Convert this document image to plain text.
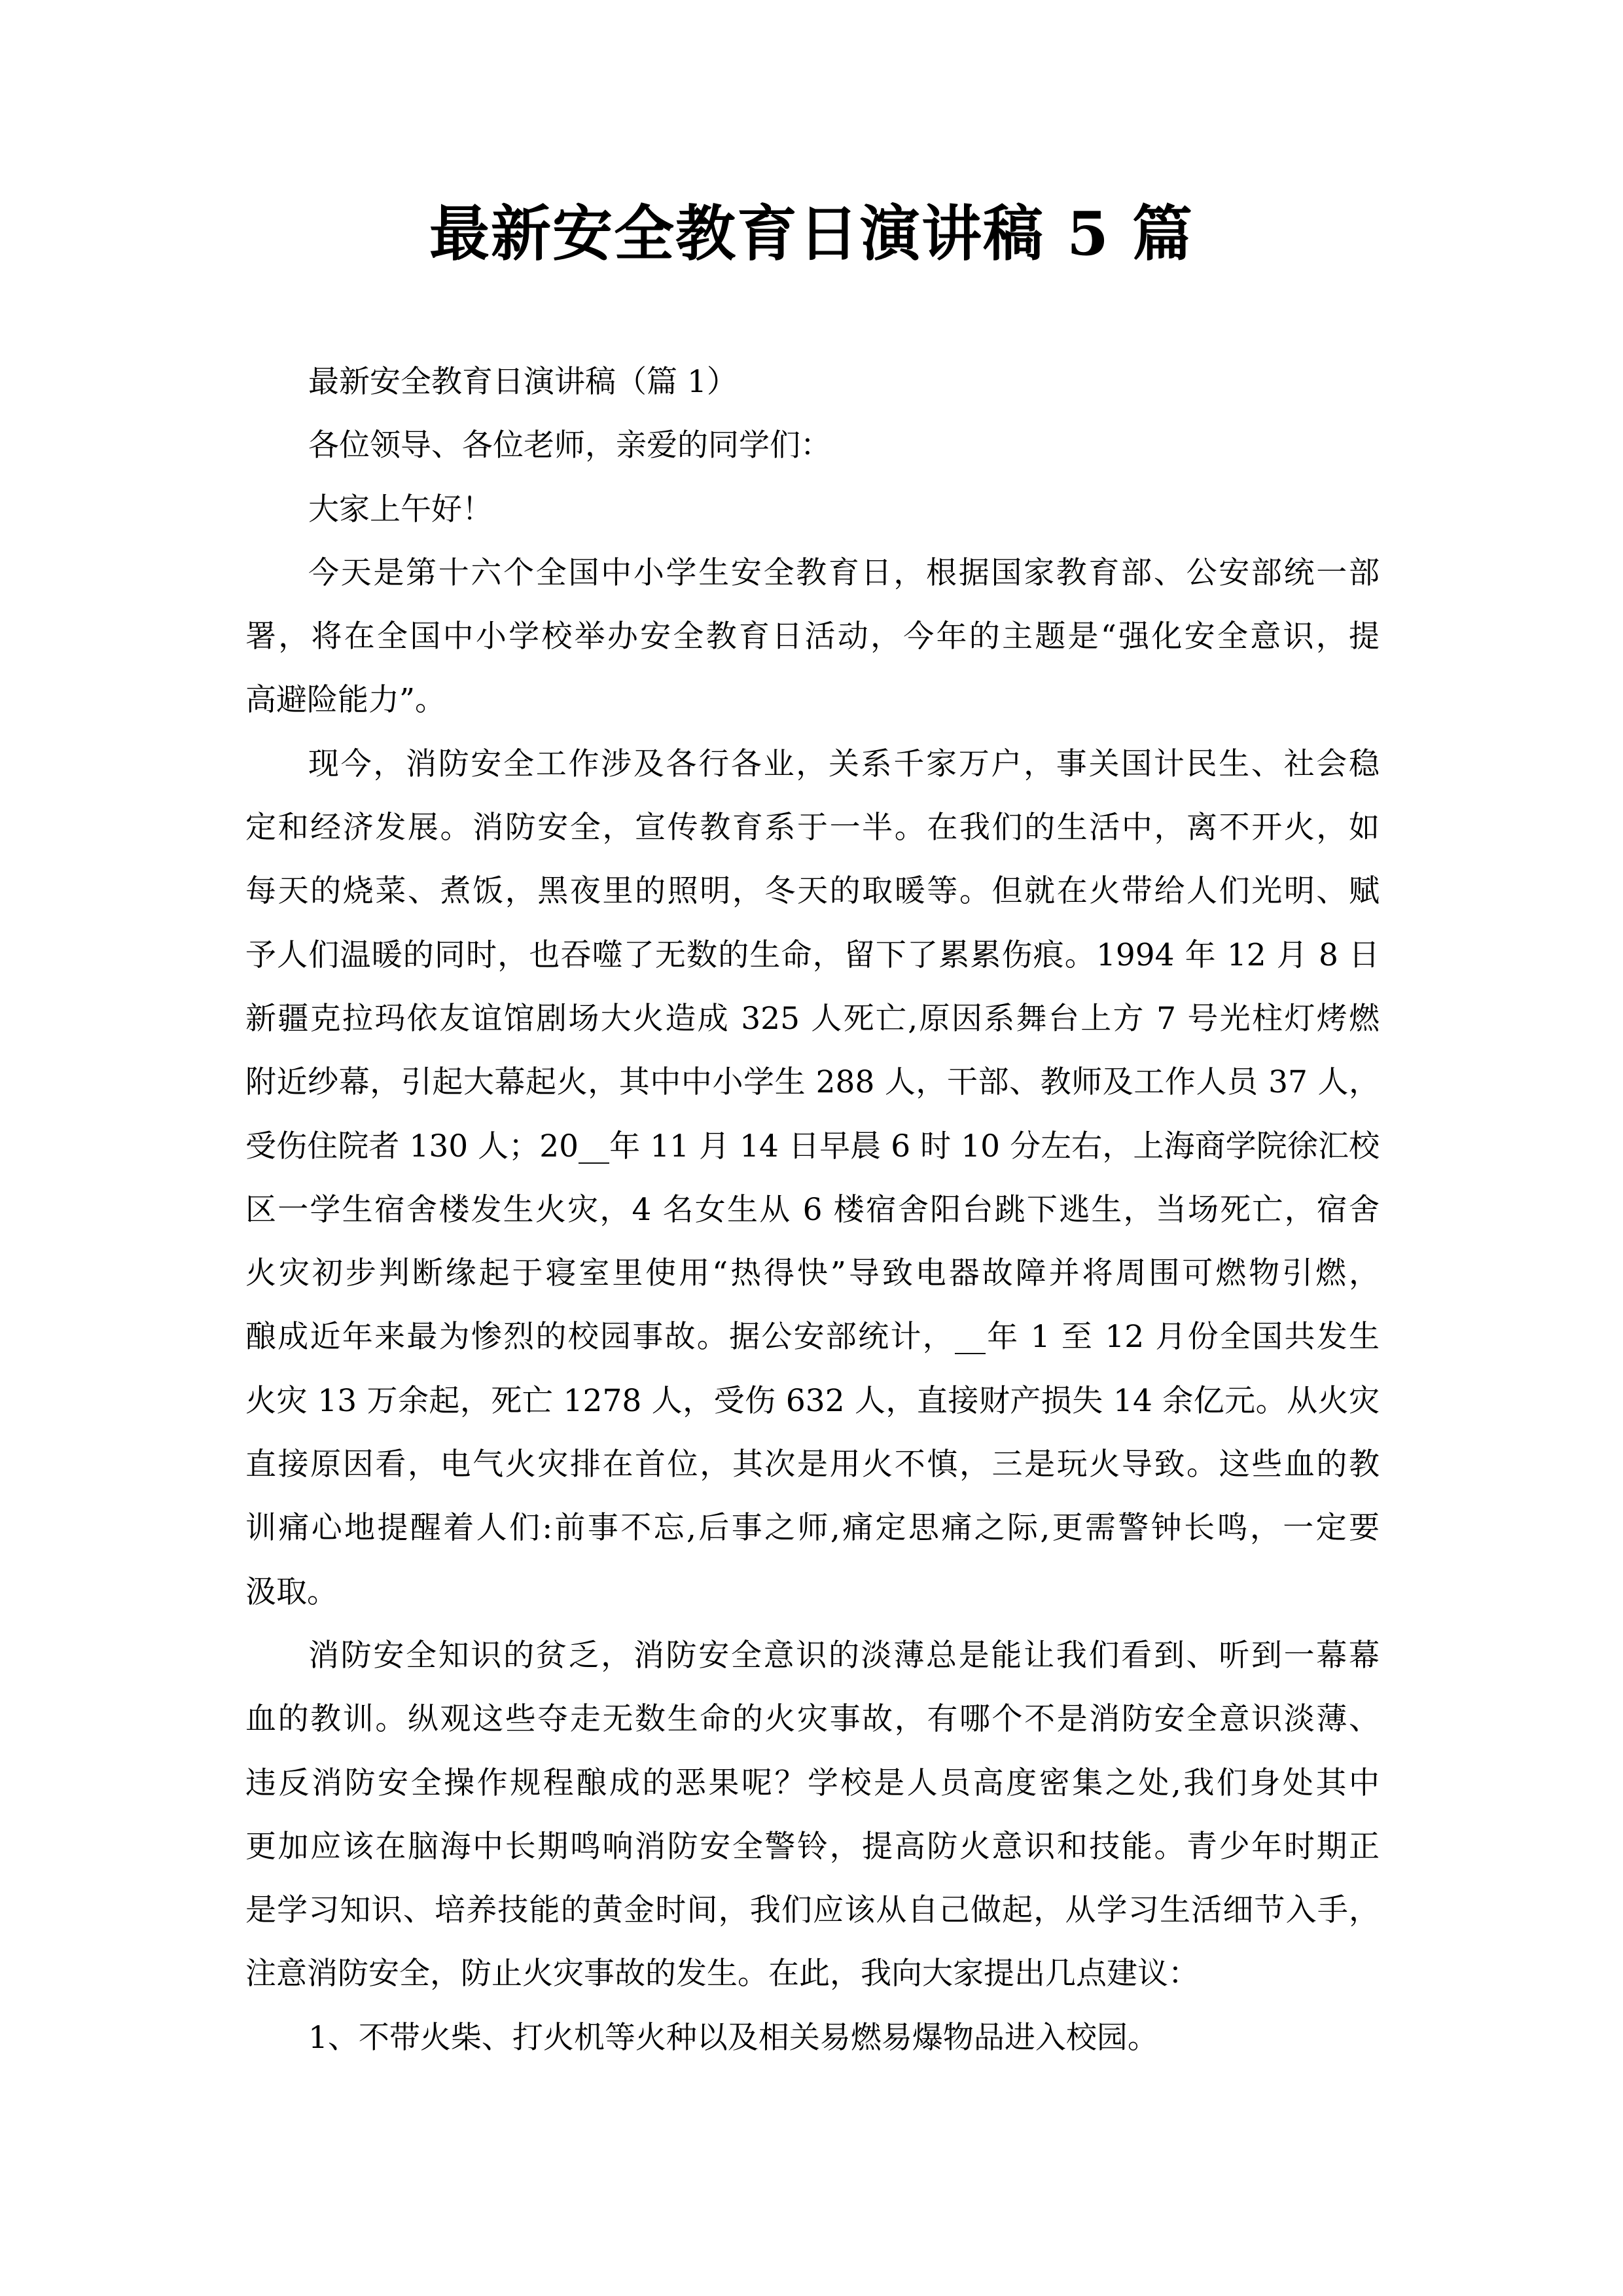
最新安全教育日演讲稿 5 篇
最新安全教育日演讲稿（篇 1）
各位领导、各位老师，亲爱的同学们：
大家上午好！
今天是第十六个全国中小学生安全教育日，根据国家教育部、公安部统一部
署，将在全国中小学校举办安全教育日活动，今年的主题是“强化安全意识，提
高避险能力”。
现今，消防安全工作涉及各行各业，关系千家万户，事关国计民生、社会稳
定和经济发展。消防安全，宣传教育系于一半。在我们的生活中，离不开火，如
每天的烧菜、煮饭，黑夜里的照明，冬天的取暖等。但就在火带给人们光明、赋
予人们温暖的同时，也吞噬了无数的生命，留下了累累伤痕。1994 年 12 月 8 日
新疆克拉玛依友谊馆剧场大火造成 325 人死亡,原因系舞台上方 7 号光柱灯烤燃
附近纱幕，引起大幕起火，其中中小学生 288 人，干部、教师及工作人员 37 人，
受伤住院者 130 人；20__年 11 月 14 日早晨 6 时 10 分左右，上海商学院徐汇校
区一学生宿舍楼发生火灾，4 名女生从 6 楼宿舍阳台跳下逃生，当场死亡，宿舍
火灾初步判断缘起于寝室里使用“热得快”导致电器故障并将周围可燃物引燃，
酿成近年来最为惨烈的校园事故。据公安部统计，__年 1 至 12 月份全国共发生
火灾 13 万余起，死亡 1278 人，受伤 632 人，直接财产损失 14 余亿元。从火灾
直接原因看，电气火灾排在首位，其次是用火不慎，三是玩火导致。这些血的教
训痛心地提醒着人们:前事不忘,后事之师,痛定思痛之际,更需警钟长鸣，一定要
汲取。
消防安全知识的贫乏，消防安全意识的淡薄总是能让我们看到、听到一幕幕
血的教训。纵观这些夺走无数生命的火灾事故，有哪个不是消防安全意识淡薄、
违反消防安全操作规程酿成的恶果呢？学校是人员高度密集之处,我们身处其中
更加应该在脑海中长期鸣响消防安全警铃，提高防火意识和技能。青少年时期正
是学习知识、培养技能的黄金时间，我们应该从自己做起，从学习生活细节入手，
注意消防安全，防止火灾事故的发生。在此，我向大家提出几点建议：
1、不带火柴、打火机等火种以及相关易燃易爆物品进入校园。
